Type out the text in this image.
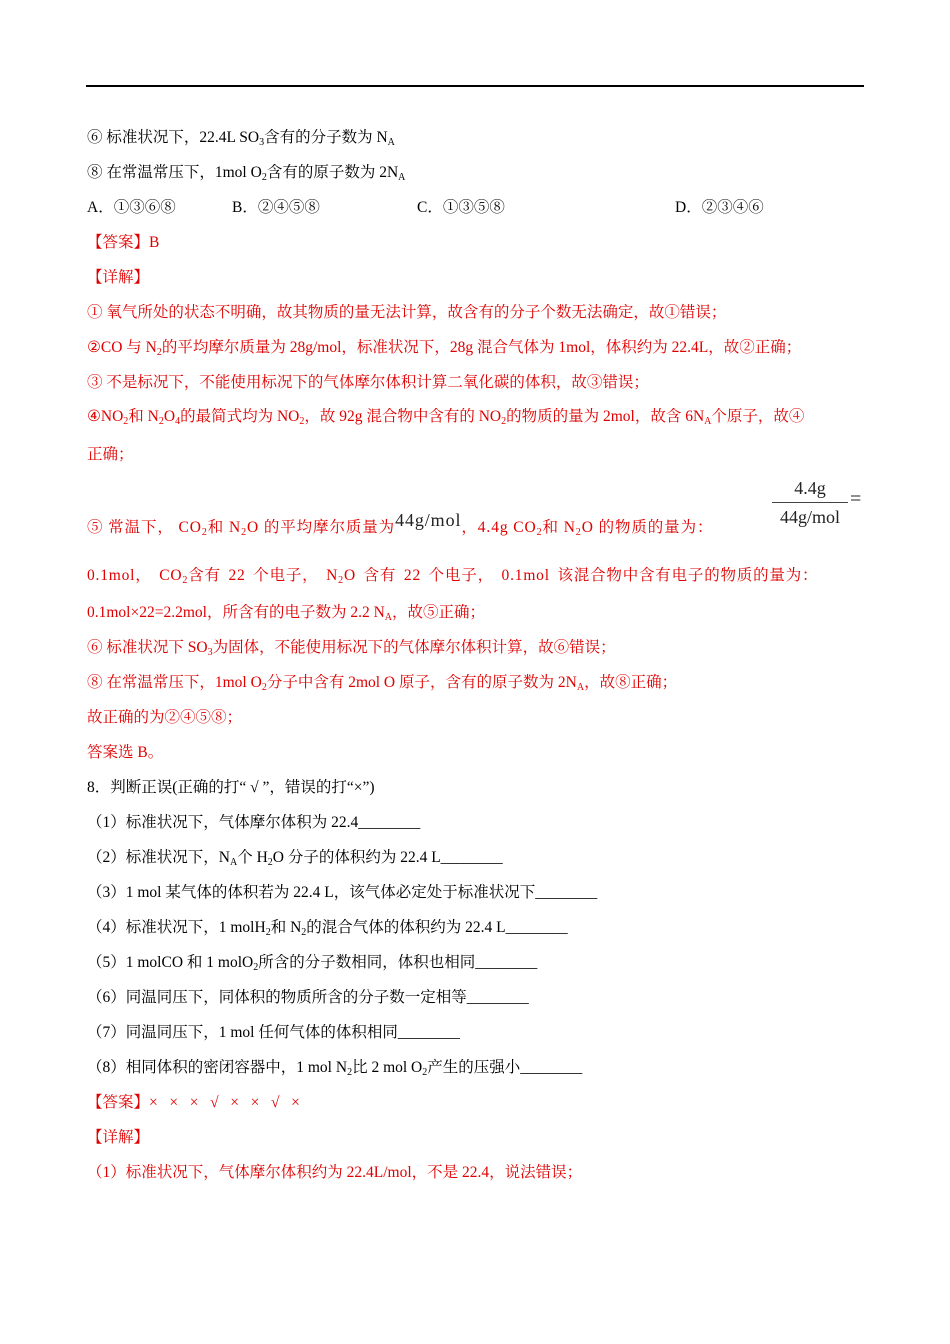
⑥ 标准状况下，22.4L $SO_3$含有的分子数为 $N_A$
⑧ 在常温常压下，1mol $O_2$含有的原子数为 $2N_A$
A．①③⑥⑧	B．②④⑤⑧	C．①③⑤⑧	D．②③④⑥
【答案】B
【详解】
① 氧气所处的状态不明确，故其物质的量无法计算，故含有的分子个数无法确定，故①错误；
②CO 与 $N_2$的平均摩尔质量为 28g/mol，标准状况下，28g 混合气体为 1mol，体积约为 22.4L，故②正确；
③ 不是标况下，不能使用标况下的气体摩尔体积计算二氧化碳的体积，故③错误；
$④NO_2$和 $N_2O_4$的最简式均为 $NO_2$，故 92g 混合物中含有的 $NO_2$的物质的量为 2mol，故含 $6N_A$个原子，故④
正确；
⑤ 常温下， $CO_2$和 $N_2O$ 的平均摩尔质量为44g/mol，4.4g $CO_2$和 $N_2O$ 的物质的量为：
4.4g
44g/mol
=
0.1mol， $CO_2$含有 22 个电子， $N_2O$ 含有 22 个电子， 0.1mol 该混合物中含有电子的物质的量为：
0.1mol×22=2.2mol，所含有的电子数为 2.2 $N_A$，故⑤正确；
⑥ 标准状况下 $SO_3$为固体，不能使用标况下的气体摩尔体积计算，故⑥错误；
⑧ 在常温常压下，1mol $O_2$分子中含有 2mol O 原子，含有的原子数为 $2N_A$，故⑧正确；
故正确的为②④⑤⑧；
答案选 B。
8．判断正误(正确的打“ √ ”，错误的打“×”)
（1）标准状况下，气体摩尔体积为 22.4________
（2）标准状况下，$N_A$个 $H_2O$ 分子的体积约为 22.4 L________
（3）1 mol 某气体的体积若为 22.4 L，该气体必定处于标准状况下________
（4）标准状况下，1 molH$_2$和 $N_2$的混合气体的体积约为 22.4 L________
（5）1 molCO 和 1 molO$_2$所含的分子数相同，体积也相同________
（6）同温同压下，同体积的物质所含的分子数一定相等________
（7）同温同压下，1 mol 任何气体的体积相同________
（8）相同体积的密闭容器中，1 mol $N_2$比 2 mol $O_2$产生的压强小________
【答案】×   ×   ×   √   ×   ×   √   ×
【详解】
（1）标准状况下，气体摩尔体积约为 22.4L/mol，不是 22.4，说法错误；
